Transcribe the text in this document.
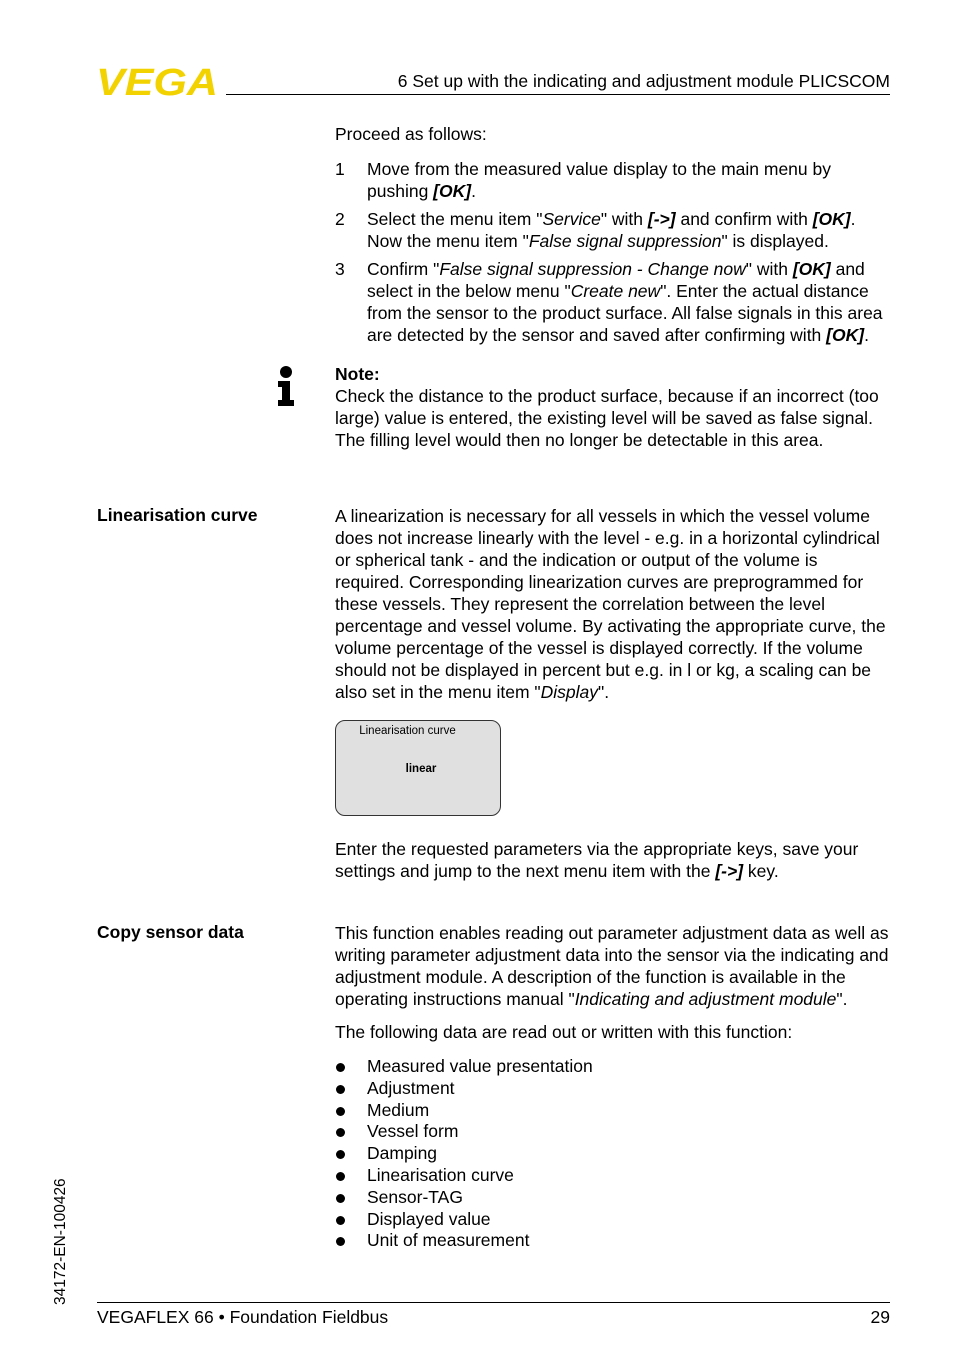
VEGA	6 Set up with the indicating and adjustment module PLICSCOM
Proceed as follows:
1 Move from the measured value display to the main menu by pushing [OK].
2 Select the menu item "Service" with [->] and confirm with [OK]. Now the menu item "False signal suppression" is displayed.
3 Confirm "False signal suppression - Change now" with [OK] and select in the below menu "Create new". Enter the actual distance from the sensor to the product surface. All false signals in this area are detected by the sensor and saved after confirming with [OK].

Note:

Check the distance to the product surface, because if an incorrect (too large) value is entered, the existing level will be saved as false signal. The filling level would then no longer be detectable in this area.

Linearisation curve	A linearization is necessary for all vessels in which the vessel volume does not increase linearly with the level - e.g. in a horizontal cylindrical or spherical tank - and the indication or output of the volume is required. Corresponding linearization curves are preprogrammed for these vessels. They represent the correlation between the level percentage and vessel volume. By activating the appropriate curve, the volume percentage of the vessel is displayed correctly. If the volume should not be displayed in percent but e.g. in l or kg, a scaling can be also set in the menu item "Display".
Linearisation curve
linear
Enter the requested parameters via the appropriate keys, save your settings and jump to the next menu item with the [->] key.
Copy sensor data	This function enables reading out parameter adjustment data as well as writing parameter adjustment data into the sensor via the indicating and adjustment module. A description of the function is available in the operating instructions manual "Indicating and adjustment module".
The following data are read out or written with this function:
Measured value presentation
Adjustment
Medium
Vessel form
Damping
Linearisation curve
Sensor-TAG
Displayed value
Unit of measurement
34172-EN-100426
VEGAFLEX 66 • Foundation Fieldbus	29
